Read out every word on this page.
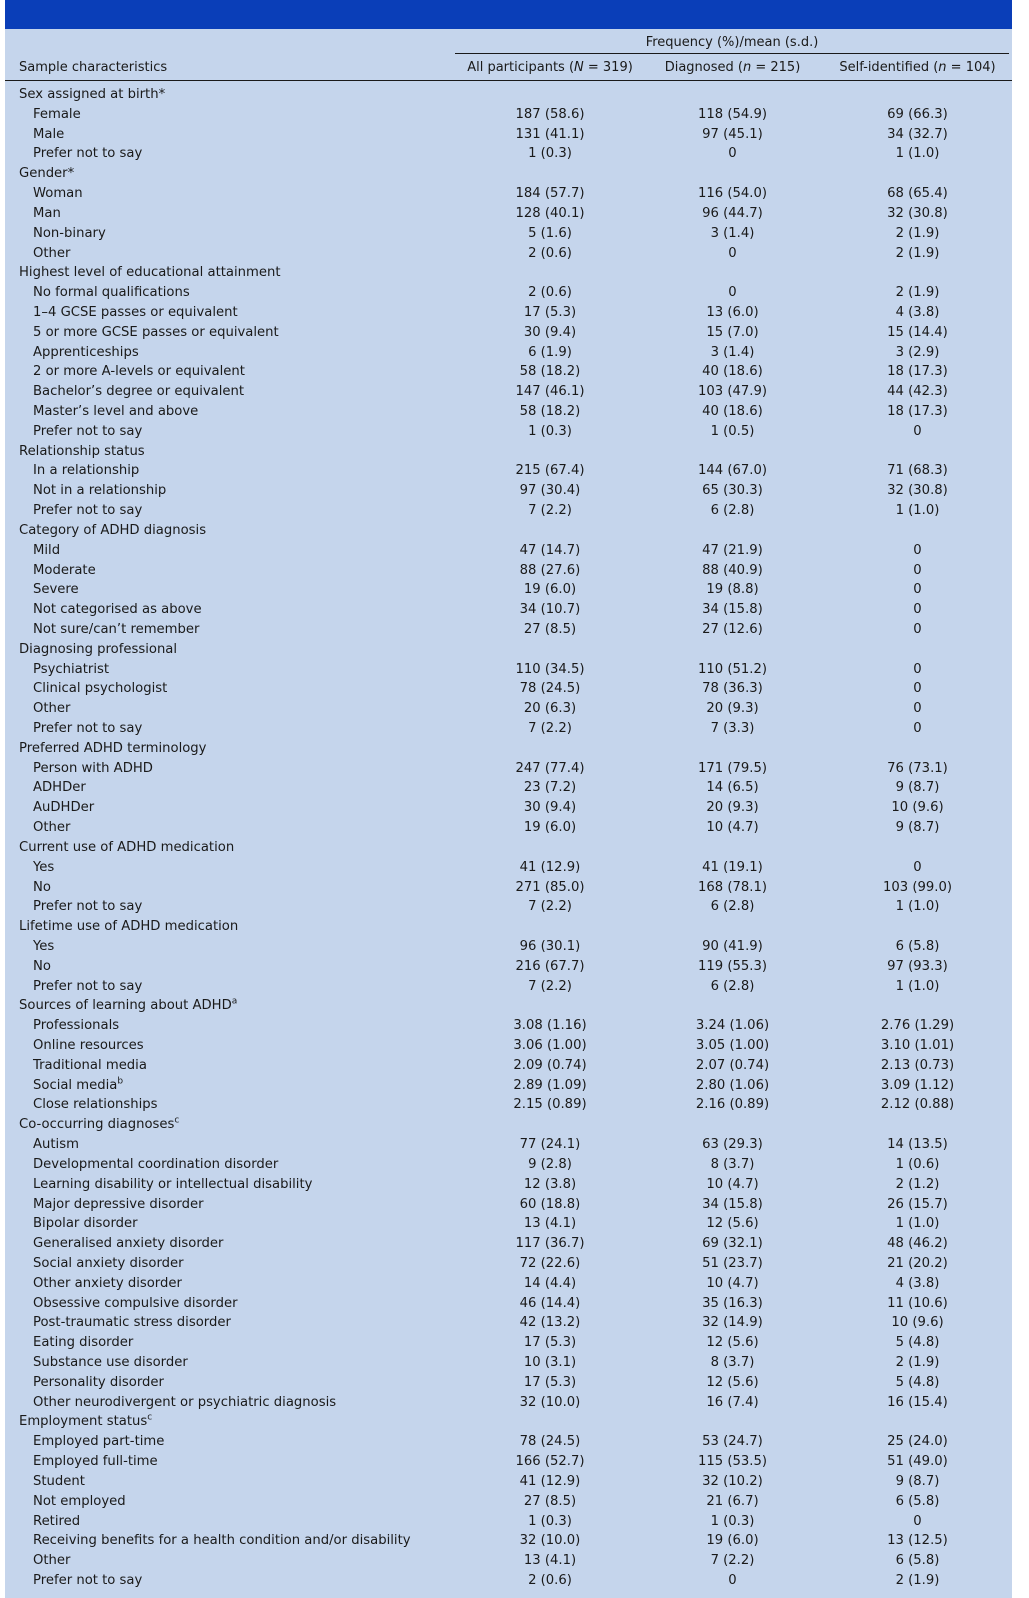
Frequency (%)/mean (s.d.)
Sample characteristics	All participants (N = 319)	Diagnosed (n = 215)	Self-identified (n = 104)
Sex assigned at birth*
Female	187 (58.6)	118 (54.9)	69 (66.3)
Male	131 (41.1)	97 (45.1)	34 (32.7)
Prefer not to say	1 (0.3)	0	1 (1.0)
Gender*
Woman	184 (57.7)	116 (54.0)	68 (65.4)
Man	128 (40.1)	96 (44.7)	32 (30.8)
Non-binary	5 (1.6)	3 (1.4)	2 (1.9)
Other	2 (0.6)	0	2 (1.9)
Highest level of educational attainment
No formal qualifications	2 (0.6)	0	2 (1.9)
1–4 GCSE passes or equivalent	17 (5.3)	13 (6.0)	4 (3.8)
5 or more GCSE passes or equivalent	30 (9.4)	15 (7.0)	15 (14.4)
Apprenticeships	6 (1.9)	3 (1.4)	3 (2.9)
2 or more A-levels or equivalent	58 (18.2)	40 (18.6)	18 (17.3)
Bachelor’s degree or equivalent	147 (46.1)	103 (47.9)	44 (42.3)
Master’s level and above	58 (18.2)	40 (18.6)	18 (17.3)
Prefer not to say	1 (0.3)	1 (0.5)	0
Relationship status
In a relationship	215 (67.4)	144 (67.0)	71 (68.3)
Not in a relationship	97 (30.4)	65 (30.3)	32 (30.8)
Prefer not to say	7 (2.2)	6 (2.8)	1 (1.0)
Category of ADHD diagnosis
Mild	47 (14.7)	47 (21.9)	0
Moderate	88 (27.6)	88 (40.9)	0
Severe	19 (6.0)	19 (8.8)	0
Not categorised as above	34 (10.7)	34 (15.8)	0
Not sure/can’t remember	27 (8.5)	27 (12.6)	0
Diagnosing professional
Psychiatrist	110 (34.5)	110 (51.2)	0
Clinical psychologist	78 (24.5)	78 (36.3)	0
Other	20 (6.3)	20 (9.3)	0
Prefer not to say	7 (2.2)	7 (3.3)	0
Preferred ADHD terminology
Person with ADHD	247 (77.4)	171 (79.5)	76 (73.1)
ADHDer	23 (7.2)	14 (6.5)	9 (8.7)
AuDHDer	30 (9.4)	20 (9.3)	10 (9.6)
Other	19 (6.0)	10 (4.7)	9 (8.7)
Current use of ADHD medication
Yes	41 (12.9)	41 (19.1)	0
No	271 (85.0)	168 (78.1)	103 (99.0)
Prefer not to say	7 (2.2)	6 (2.8)	1 (1.0)
Lifetime use of ADHD medication
Yes	96 (30.1)	90 (41.9)	6 (5.8)
No	216 (67.7)	119 (55.3)	97 (93.3)
Prefer not to say	7 (2.2)	6 (2.8)	1 (1.0)
Sources of learning about ADHD$^a$
Professionals	3.08 (1.16)	3.24 (1.06)	2.76 (1.29)
Online resources	3.06 (1.00)	3.05 (1.00)	3.10 (1.01)
Traditional media	2.09 (0.74)	2.07 (0.74)	2.13 (0.73)
Social media$^b$	2.89 (1.09)	2.80 (1.06)	3.09 (1.12)
Close relationships	2.15 (0.89)	2.16 (0.89)	2.12 (0.88)
Co-occurring diagnoses$^c$
Autism	77 (24.1)	63 (29.3)	14 (13.5)
Developmental coordination disorder	9 (2.8)	8 (3.7)	1 (0.6)
Learning disability or intellectual disability	12 (3.8)	10 (4.7)	2 (1.2)
Major depressive disorder	60 (18.8)	34 (15.8)	26 (15.7)
Bipolar disorder	13 (4.1)	12 (5.6)	1 (1.0)
Generalised anxiety disorder	117 (36.7)	69 (32.1)	48 (46.2)
Social anxiety disorder	72 (22.6)	51 (23.7)	21 (20.2)
Other anxiety disorder	14 (4.4)	10 (4.7)	4 (3.8)
Obsessive compulsive disorder	46 (14.4)	35 (16.3)	11 (10.6)
Post-traumatic stress disorder	42 (13.2)	32 (14.9)	10 (9.6)
Eating disorder	17 (5.3)	12 (5.6)	5 (4.8)
Substance use disorder	10 (3.1)	8 (3.7)	2 (1.9)
Personality disorder	17 (5.3)	12 (5.6)	5 (4.8)
Other neurodivergent or psychiatric diagnosis	32 (10.0)	16 (7.4)	16 (15.4)
Employment status$^c$
Employed part-time	78 (24.5)	53 (24.7)	25 (24.0)
Employed full-time	166 (52.7)	115 (53.5)	51 (49.0)
Student	41 (12.9)	32 (10.2)	9 (8.7)
Not employed	27 (8.5)	21 (6.7)	6 (5.8)
Retired	1 (0.3)	1 (0.3)	0
Receiving benefits for a health condition and/or disability	32 (10.0)	19 (6.0)	13 (12.5)
Other	13 (4.1)	7 (2.2)	6 (5.8)
Prefer not to say	2 (0.6)	0	2 (1.9)
